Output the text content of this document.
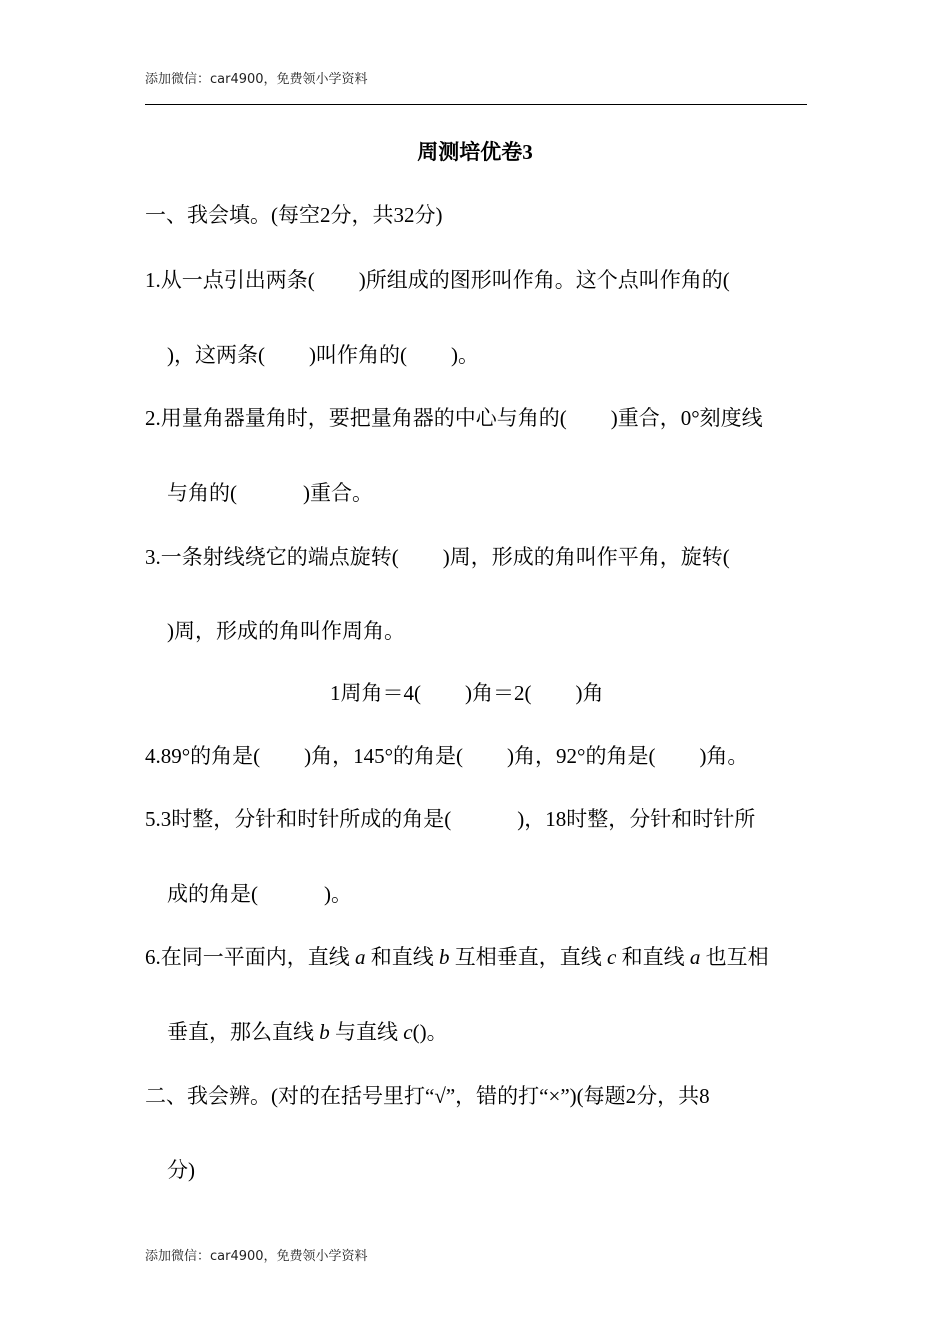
添加微信：car4900，免费领小学资料
周测培优卷3
一、我会填。(每空2分，共32分)
1.从一点引出两条( )所组成的图形叫作角。这个点叫作角的(
)，这两条( )叫作角的( )。
2.用量角器量角时，要把量角器的中心与角的( )重合，0°刻度线
与角的(	)重合。
3.一条射线绕它的端点旋转( )周，形成的角叫作平角，旋转(
)周，形成的角叫作周角。
1周角＝4( )角＝2( )角
4.89°的角是( )角，145°的角是( )角，92°的角是( )角。
5.3时整，分针和时针所成的角是(	)，18时整，分针和时针所
成的角是(	)。
6.在同一平面内，直线 a 和直线 b 互相垂直，直线 c 和直线 a 也互相
垂直，那么直线 b 与直线 c()。
二、我会辨。(对的在括号里打“√”，错的打“×”)(每题2分，共8
分)
添加微信：car4900，免费领小学资料
